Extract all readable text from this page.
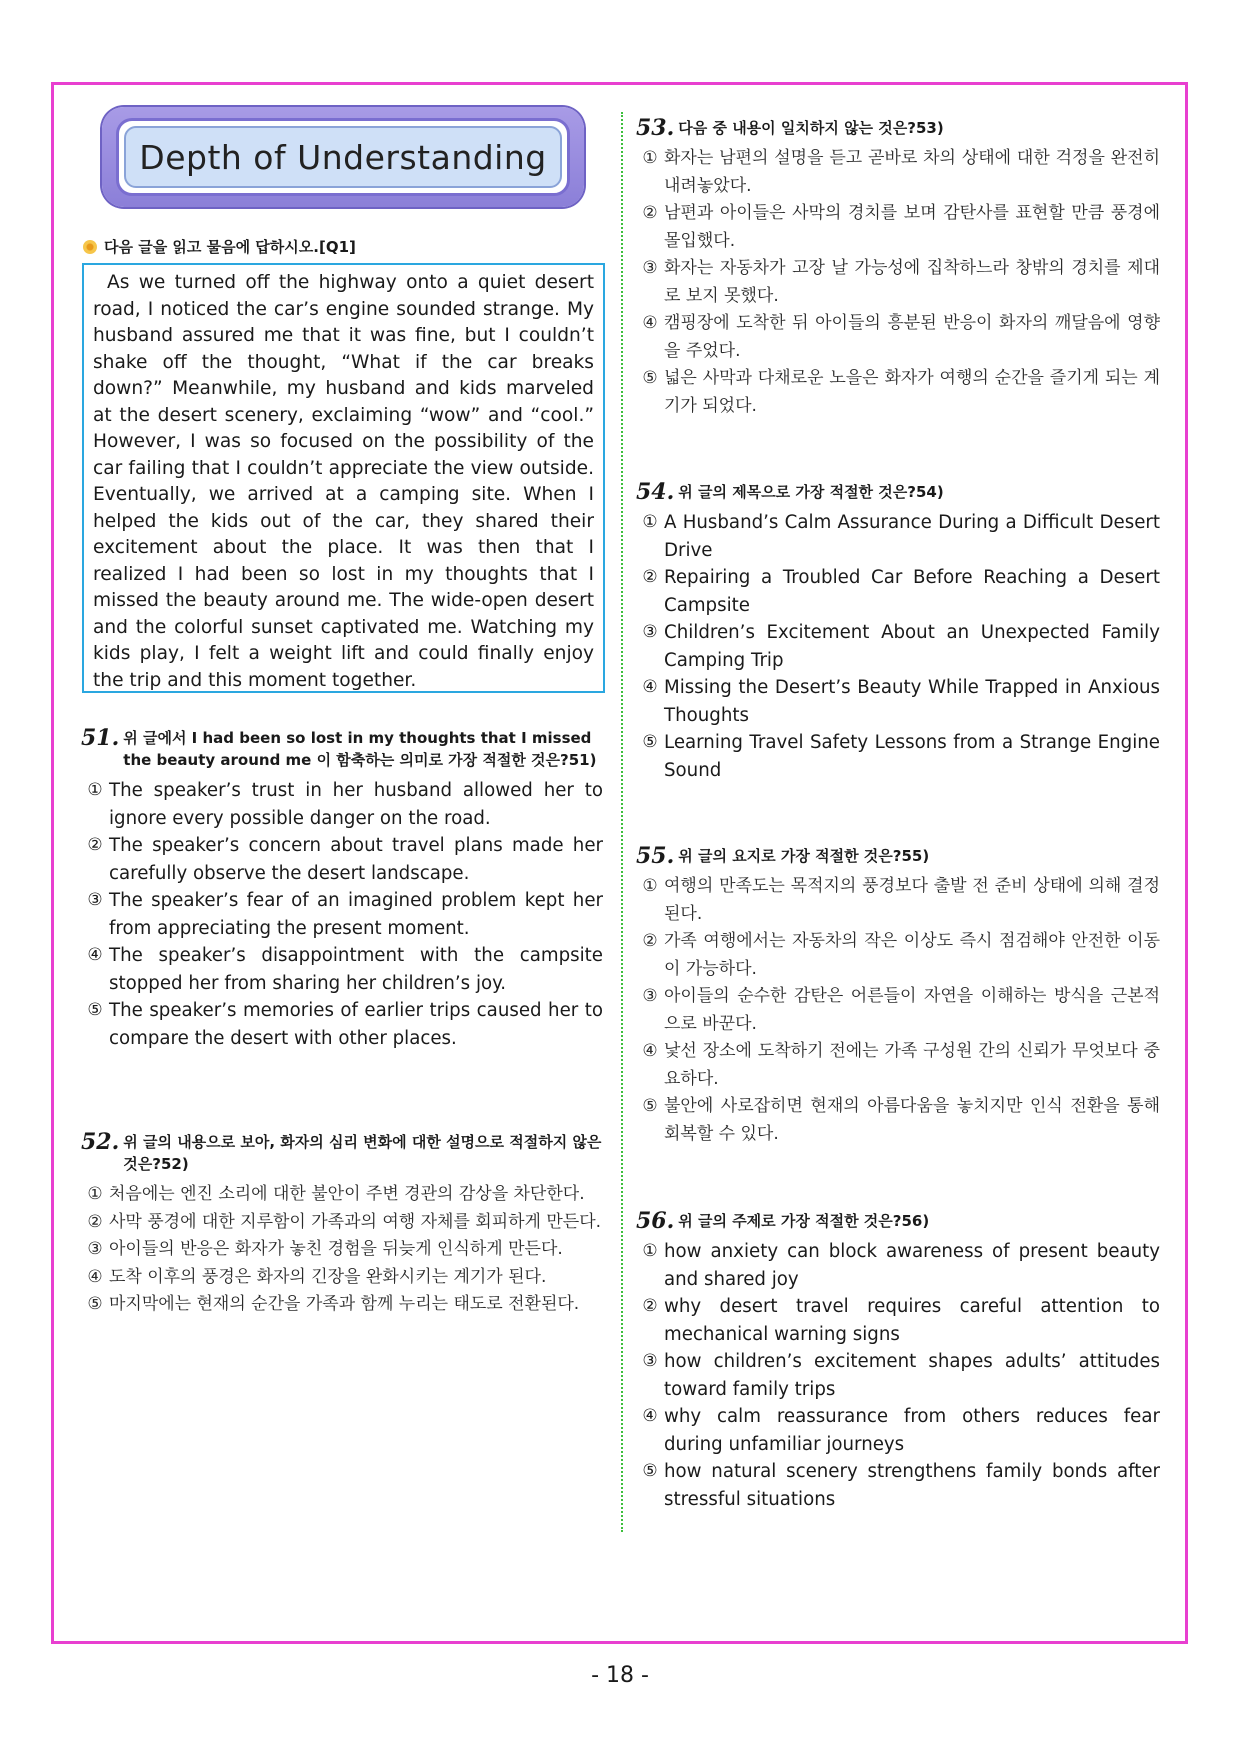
Depth of Understanding
다음 글을 읽고 물음에 답하시오.[Q1]
As we turned off the highway onto a quiet desert road, I noticed the car’s engine sounded strange. My husband assured me that it was fine, but I couldn’t shake off the thought, “What if the car breaks down?” Meanwhile, my husband and kids marveled at the desert scenery, exclaiming “wow” and “cool.” However, I was so focused on the possibility of the car failing that I couldn’t appreciate the view outside. Eventually, we arrived at a camping site. When I helped the kids out of the car, they shared their excitement about the place. It was then that I realized I had been so lost in my thoughts that I missed the beauty around me. The wide-open desert and the colorful sunset captivated me. Watching my kids play, I felt a weight lift and could finally enjoy the trip and this moment together.
51. 위 글에서 I had been so lost in my thoughts that I missed the beauty around me 이 함축하는 의미로 가장 적절한 것은?51)
① The speaker’s trust in her husband allowed her to ignore every possible danger on the road.
② The speaker’s concern about travel plans made her carefully observe the desert landscape.
③ The speaker’s fear of an imagined problem kept her from appreciating the present moment.
④ The speaker’s disappointment with the campsite stopped her from sharing her children’s joy.
⑤ The speaker’s memories of earlier trips caused her to compare the desert with other places.
52. 위 글의 내용으로 보아, 화자의 심리 변화에 대한 설명으로 적절하지 않은 것은?52)
① 처음에는 엔진 소리에 대한 불안이 주변 경관의 감상을 차단한다.
② 사막 풍경에 대한 지루함이 가족과의 여행 자체를 회피하게 만든다.
③ 아이들의 반응은 화자가 놓친 경험을 뒤늦게 인식하게 만든다.
④ 도착 이후의 풍경은 화자의 긴장을 완화시키는 계기가 된다.
⑤ 마지막에는 현재의 순간을 가족과 함께 누리는 태도로 전환된다.
53. 다음 중 내용이 일치하지 않는 것은?53)
① 화자는 남편의 설명을 듣고 곧바로 차의 상태에 대한 걱정을 완전히 내려놓았다.
② 남편과 아이들은 사막의 경치를 보며 감탄사를 표현할 만큼 풍경에 몰입했다.
③ 화자는 자동차가 고장 날 가능성에 집착하느라 창밖의 경치를 제대로 보지 못했다.
④ 캠핑장에 도착한 뒤 아이들의 흥분된 반응이 화자의 깨달음에 영향을 주었다.
⑤ 넓은 사막과 다채로운 노을은 화자가 여행의 순간을 즐기게 되는 계기가 되었다.
54. 위 글의 제목으로 가장 적절한 것은?54)
① A Husband’s Calm Assurance During a Difficult Desert Drive
② Repairing a Troubled Car Before Reaching a Desert Campsite
③ Children’s Excitement About an Unexpected Family Camping Trip
④ Missing the Desert’s Beauty While Trapped in Anxious Thoughts
⑤ Learning Travel Safety Lessons from a Strange Engine Sound
55. 위 글의 요지로 가장 적절한 것은?55)
① 여행의 만족도는 목적지의 풍경보다 출발 전 준비 상태에 의해 결정된다.
② 가족 여행에서는 자동차의 작은 이상도 즉시 점검해야 안전한 이동이 가능하다.
③ 아이들의 순수한 감탄은 어른들이 자연을 이해하는 방식을 근본적으로 바꾼다.
④ 낯선 장소에 도착하기 전에는 가족 구성원 간의 신뢰가 무엇보다 중요하다.
⑤ 불안에 사로잡히면 현재의 아름다움을 놓치지만 인식 전환을 통해 회복할 수 있다.
56. 위 글의 주제로 가장 적절한 것은?56)
① how anxiety can block awareness of present beauty and shared joy
② why desert travel requires careful attention to mechanical warning signs
③ how children’s excitement shapes adults’ attitudes toward family trips
④ why calm reassurance from others reduces fear during unfamiliar journeys
⑤ how natural scenery strengthens family bonds after stressful situations
- 18 -
